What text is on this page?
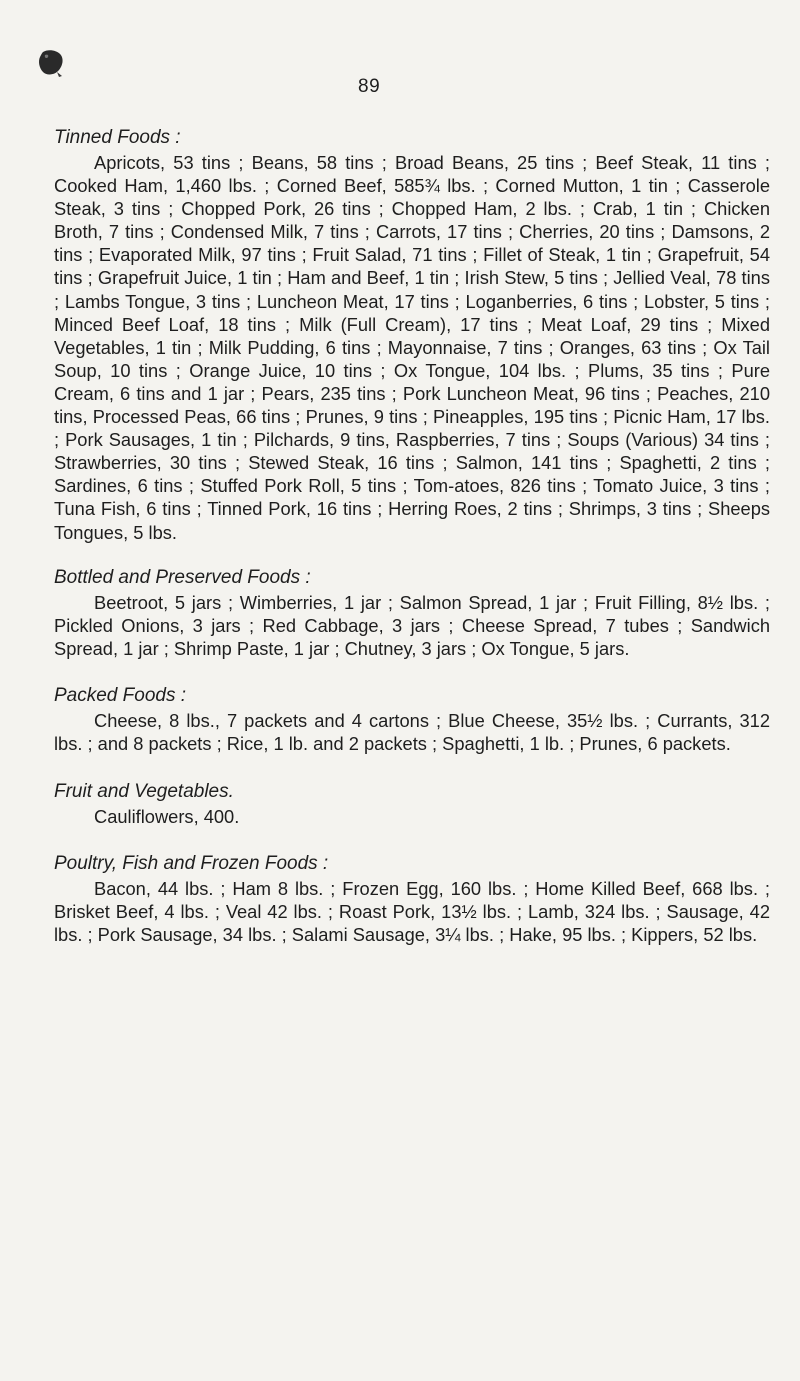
89

Tinned Foods :

Apricots, 53 tins ; Beans, 58 tins ; Broad Beans, 25 tins ; Beef Steak, 11 tins ; Cooked Ham, 1,460 lbs. ; Corned Beef, 585¾ lbs. ; Corned Mutton, 1 tin ; Casserole Steak, 3 tins ; Chopped Pork, 26 tins ; Chopped Ham, 2 lbs. ; Crab, 1 tin ; Chicken Broth, 7 tins ; Condensed Milk, 7 tins ; Carrots, 17 tins ; Cherries, 20 tins ; Damsons, 2 tins ; Evaporated Milk, 97 tins ; Fruit Salad, 71 tins ; Fillet of Steak, 1 tin ; Grapefruit, 54 tins ; Grapefruit Juice, 1 tin ; Ham and Beef, 1 tin ; Irish Stew, 5 tins ; Jellied Veal, 78 tins ; Lambs Tongue, 3 tins ; Luncheon Meat, 17 tins ; Loganberries, 6 tins ; Lobster, 5 tins ; Minced Beef Loaf, 18 tins ; Milk (Full Cream), 17 tins ; Meat Loaf, 29 tins ; Mixed Vegetables, 1 tin ; Milk Pudding, 6 tins ; Mayonnaise, 7 tins ; Oranges, 63 tins ; Ox Tail Soup, 10 tins ; Orange Juice, 10 tins ; Ox Tongue, 104 lbs. ; Plums, 35 tins ; Pure Cream, 6 tins and 1 jar ; Pears, 235 tins ; Pork Luncheon Meat, 96 tins ; Peaches, 210 tins, Processed Peas, 66 tins ; Prunes, 9 tins ; Pineapples, 195 tins ; Picnic Ham, 17 lbs. ; Pork Sausages, 1 tin ; Pilchards, 9 tins, Raspberries, 7 tins ; Soups (Various) 34 tins ; Strawberries, 30 tins ; Stewed Steak, 16 tins ; Salmon, 141 tins ; Spaghetti, 2 tins ; Sardines, 6 tins ; Stuffed Pork Roll, 5 tins ; Tom-atoes, 826 tins ; Tomato Juice, 3 tins ; Tuna Fish, 6 tins ; Tinned Pork, 16 tins ; Herring Roes, 2 tins ; Shrimps, 3 tins ; Sheeps Tongues, 5 lbs.

Bottled and Preserved Foods :

Beetroot, 5 jars ; Wimberries, 1 jar ; Salmon Spread, 1 jar ; Fruit Filling, 8½ lbs. ; Pickled Onions, 3 jars ; Red Cabbage, 3 jars ; Cheese Spread, 7 tubes ; Sandwich Spread, 1 jar ; Shrimp Paste, 1 jar ; Chutney, 3 jars ; Ox Tongue, 5 jars.

Packed Foods :

Cheese, 8 lbs., 7 packets and 4 cartons ; Blue Cheese, 35½ lbs. ; Currants, 312 lbs. ; and 8 packets ; Rice, 1 lb. and 2 packets ; Spaghetti, 1 lb. ; Prunes, 6 packets.

Fruit and Vegetables.

Cauliflowers, 400.

Poultry, Fish and Frozen Foods :

Bacon, 44 lbs. ; Ham 8 lbs. ; Frozen Egg, 160 lbs. ; Home Killed Beef, 668 lbs. ; Brisket Beef, 4 lbs. ; Veal 42 lbs. ; Roast Pork, 13½ lbs. ; Lamb, 324 lbs. ; Sausage, 42 lbs. ; Pork Sausage, 34 lbs. ; Salami Sausage, 3¼ lbs. ; Hake, 95 lbs. ; Kippers, 52 lbs.
